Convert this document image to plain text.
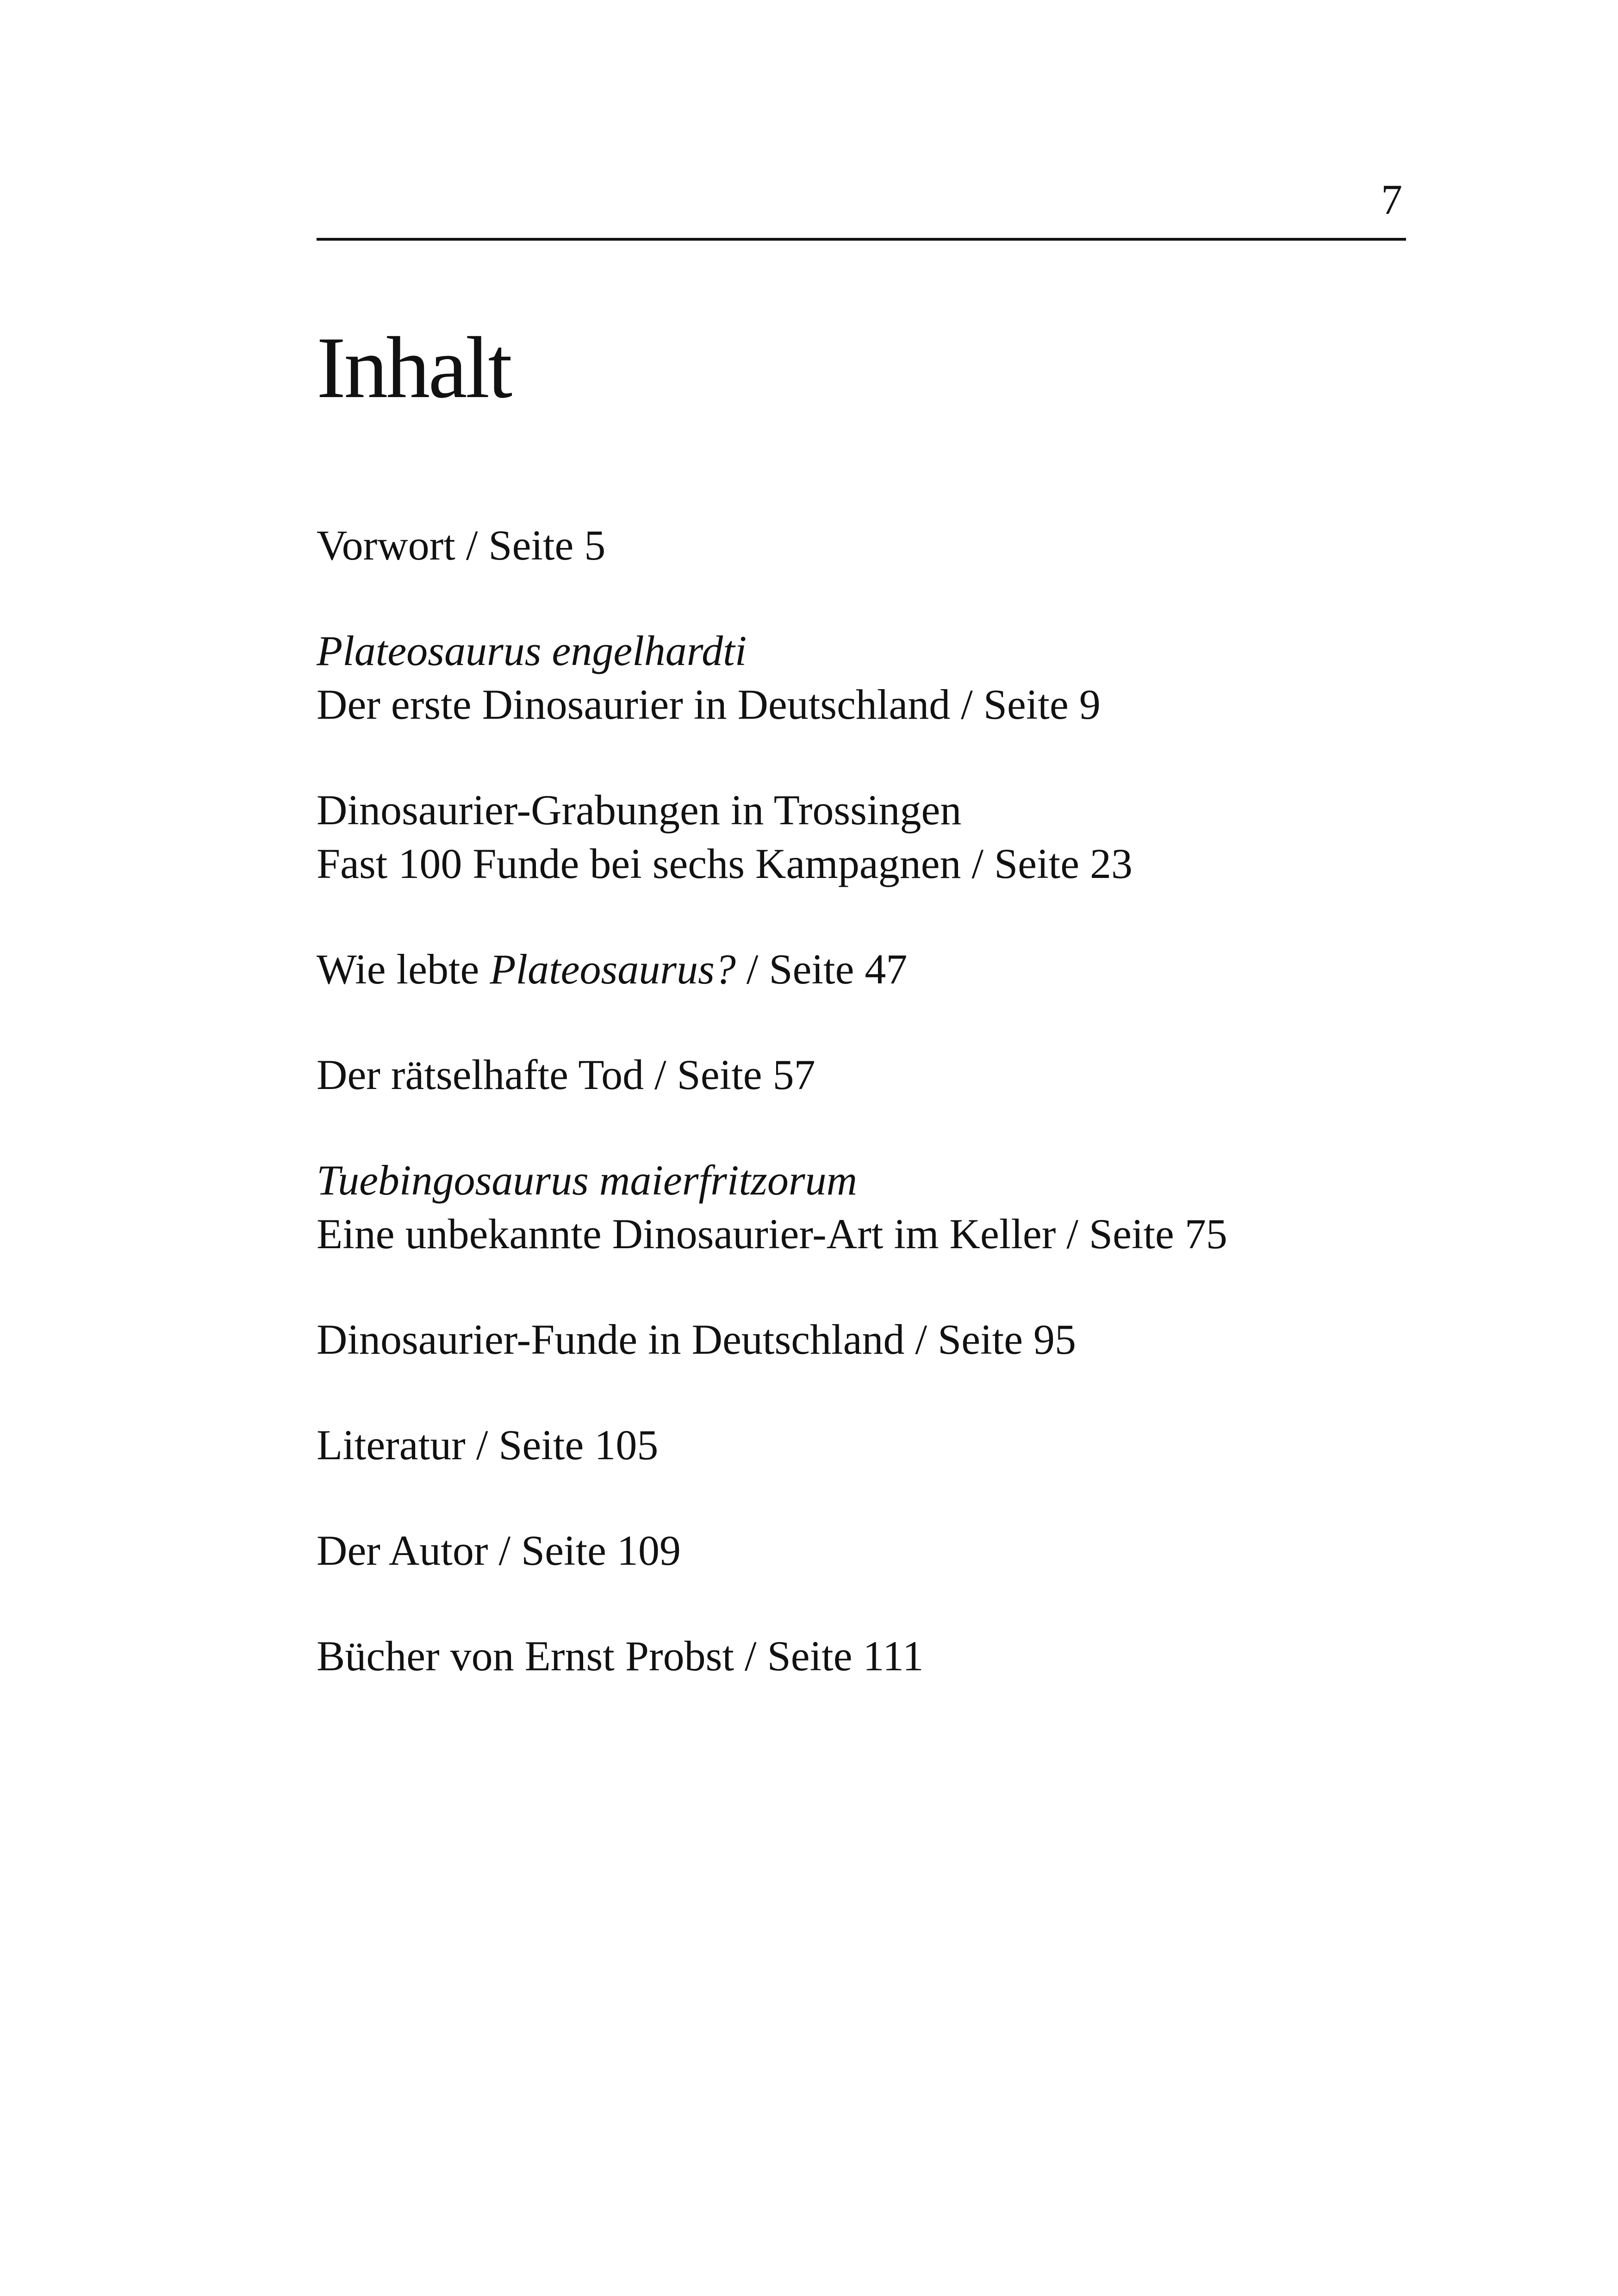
7
Inhalt
Vorwort / Seite 5
Plateosaurus engelhardti
Der erste Dinosaurier in Deutschland / Seite 9
Dinosaurier-Grabungen in Trossingen
Fast 100 Funde bei sechs Kampagnen / Seite 23
Wie lebte Plateosaurus? / Seite 47
Der rätselhafte Tod / Seite 57
Tuebingosaurus maierfritzorum
Eine unbekannte Dinosaurier-Art im Keller / Seite 75
Dinosaurier-Funde in Deutschland / Seite 95
Literatur / Seite 105
Der Autor / Seite 109
Bücher von Ernst Probst / Seite 111
